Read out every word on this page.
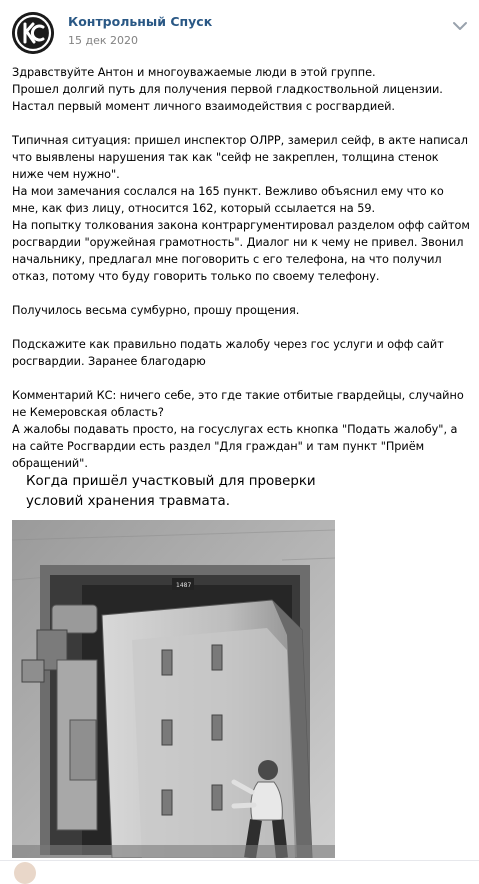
Контрольный Спуск
15 дек 2020

Здравствуйте Антон и многоуважаемые люди в этой группе.
Прошел долгий путь для получения первой гладкоствольной лицензии. Настал первый момент личного взаимодействия с росгвардией.

Типичная ситуация: пришел инспектор ОЛРР, замерил сейф, в акте написал что выявлены нарушения так как "сейф не закреплен, толщина стенок ниже чем нужно".
На мои замечания сослался на 165 пункт. Вежливо объяснил ему что ко мне, как физ лицу, относится 162, который ссылается на 59.
На попытку толкования закона контраргументировал разделом офф сайтом росгвардии "оружейная грамотность". Диалог ни к чему не привел. Звонил начальнику, предлагал мне поговорить с его телефона, на что получил отказ, потому что буду говорить только по своему телефону.

Получилось весьма сумбурно, прошу прощения.

Подскажите как правильно подать жалобу через гос услуги и офф сайт росгвардии. Заранее благодарю

Комментарий КС: ничего себе, это где такие отбитые гвардейцы, случайно не Кемеровская область?
А жалобы подавать просто, на госуслугах есть кнопка "Подать жалобу", а на сайте Росгвардии есть раздел "Для граждан" и там пункт "Приём обращений".

Когда пришёл участковый для проверки

условий хранения травмата.

1487
